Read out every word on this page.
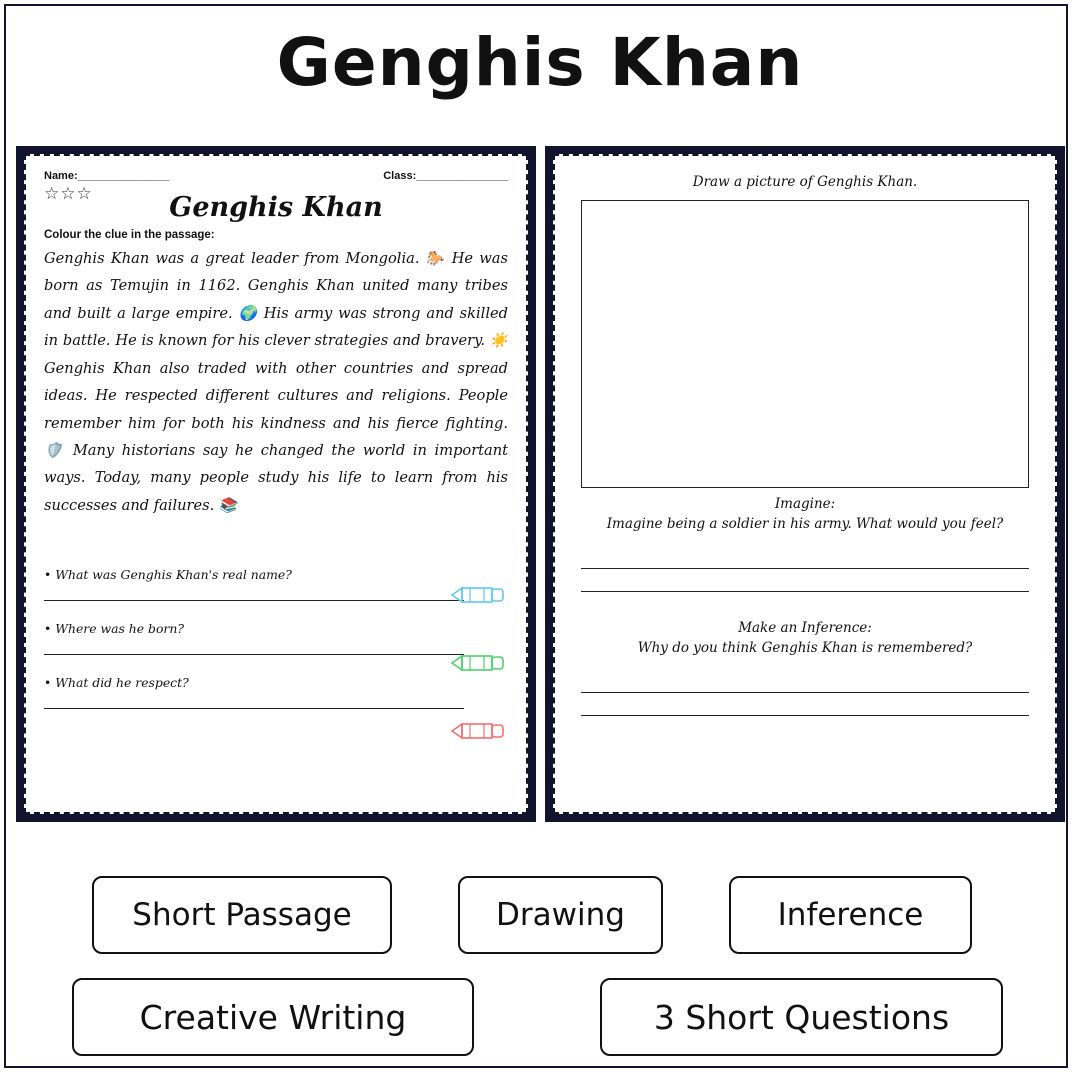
Genghis Khan
Name:_______________	Class:_______________
☆☆☆	Genghis Khan
Colour the clue in the passage:
Genghis Khan was a great leader from Mongolia. 🐎 He was born as Temujin in 1162. Genghis Khan united many tribes and built a large empire. 🌍 His army was strong and skilled in battle. He is known for his clever strategies and bravery. ☀️ Genghis Khan also traded with other countries and spread ideas. He respected different cultures and religions. People remember him for both his kindness and his fierce fighting. 🛡️ Many historians say he changed the world in important ways. Today, many people study his life to learn from his successes and failures. 📚
• What was Genghis Khan's real name?
• Where was he born?
• What did he respect?
Draw a picture of Genghis Khan.
Imagine:
Imagine being a soldier in his army. What would you feel?
Make an Inference:
Why do you think Genghis Khan is remembered?
Short Passage	Drawing	Inference
Creative Writing	3 Short Questions
